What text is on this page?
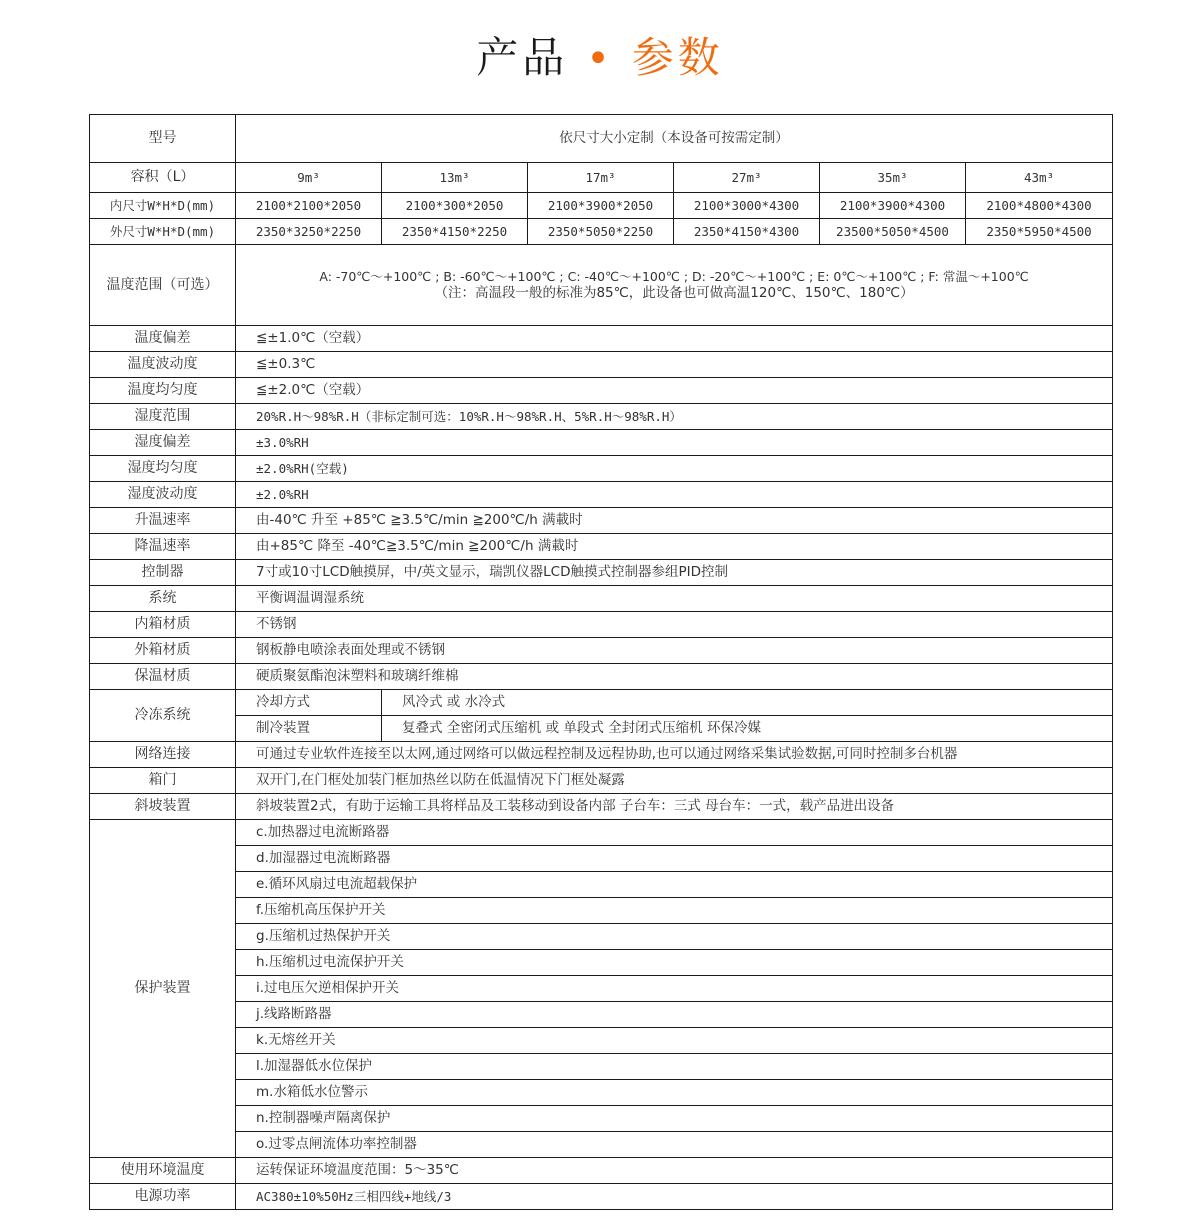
产品 • 参数
型号	依尺寸大小定制（本设备可按需定制）					
容积（L）	9m³	13m³	17m³	27m³	35m³	43m³
内尺寸W*H*D(mm)	2100*2100*2050	2100*300*2050	2100*3900*2050	2100*3000*4300	2100*3900*4300	2100*4800*4300
外尺寸W*H*D(mm)	2350*3250*2250	2350*4150*2250	2350*5050*2250	2350*4150*4300	23500*5050*4500	2350*5950*4500
温度范围（可选）	A: -70℃～+100℃ ; B: -60℃～+100℃ ; C: -40℃～+100℃ ; D: -20℃～+100℃ ; E: 0℃～+100℃ ; F: 常温～+100℃
（注：高温段一般的标准为85℃，此设备也可做高温120℃、150℃、180℃）					

温度偏差	≦±1.0℃（空载）					
温度波动度	≦±0.3℃					
温度均匀度	≦±2.0℃（空载）					
湿度范围	20%R.H～98%R.H（非标定制可选：10%R.H～98%R.H、5%R.H～98%R.H）					
湿度偏差	±3.0%RH					
湿度均匀度	±2.0%RH(空载)					
湿度波动度	±2.0%RH					
升温速率	由-40℃ 升至 +85℃ ≧3.5℃/min ≧200℃/h 满載时					
降温速率	由+85℃ 降至 -40℃≧3.5℃/min ≧200℃/h 满載时					
控制器	7寸或10寸LCD触摸屏，中/英文显示，瑞凯仪器LCD触摸式控制器参组PID控制					
系统	平衡调温调湿系统					
内箱材质	不锈钢					
外箱材质	钢板静电喷涂表面处理或不锈钢					
保温材质	硬质聚氨酯泡沫塑料和玻璃纤维棉					
冷冻系统	冷却方式	风冷式 或 水冷式				
	制冷装置	复叠式 全密闭式压缩机 或 单段式 全封闭式压缩机 环保冷媒				
网络连接	可通过专业软件连接至以太网,通过网络可以做远程控制及远程协助,也可以通过网络采集试验数据,可同时控制多台机器					
箱门	双开门,在门框处加装门框加热丝以防在低温情况下门框处凝露					
斜坡装置	斜坡装置2式，有助于运输工具将样品及工装移动到设备内部 子台车：三式 母台车：一式，载产品进出设备					
保护装置	c.加热器过电流断路器					
	d.加湿器过电流断路器					
	e.循环风扇过电流超载保护					
	f.压缩机高压保护开关					
	g.压缩机过热保护开关					
	h.压缩机过电流保护开关					
	i.过电压欠逆相保护开关					
	j.线路断路器					
	k.无熔丝开关					
	l.加湿器低水位保护					
	m.水箱低水位警示					
	n.控制器噪声隔离保护					
	o.过零点闸流体功率控制器					
使用环境温度	运转保证环境温度范围：5～35℃					
电源功率	AC380±10%50Hz三相四线+地线/3					
